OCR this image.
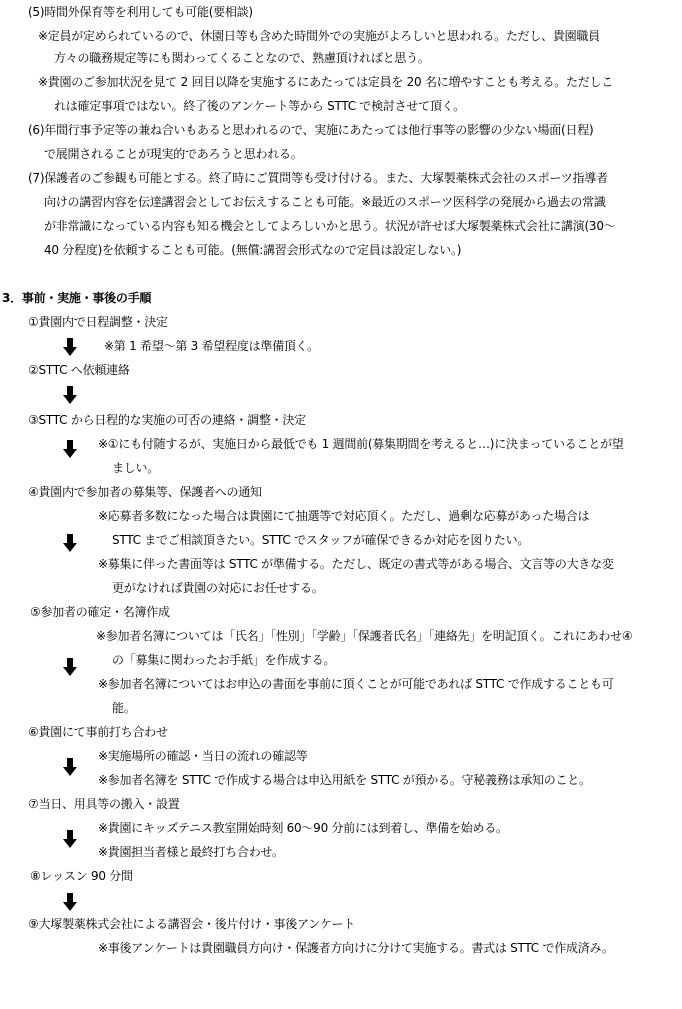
(5)時間外保育等を利用しても可能(要相談)
※定員が定められているので、休園日等も含めた時間外での実施がよろしいと思われる。ただし、貴園職員
方々の職務規定等にも関わってくることなので、熟慮頂ければと思う。
※貴園のご参加状況を見て 2 回目以降を実施するにあたっては定員を 20 名に増やすことも考える。ただしこ
れは確定事項ではない。終了後のアンケート等から STTC で検討させて頂く。
(6)年間行事予定等の兼ね合いもあると思われるので、実施にあたっては他行事等の影響の少ない場面(日程)
で展開されることが現実的であろうと思われる。
(7)保護者のご参観も可能とする。終了時にご質問等も受け付ける。また、大塚製薬株式会社のスポーツ指導者
向けの講習内容を伝達講習会としてお伝えすることも可能。※最近のスポーツ医科学の発展から過去の常識
が非常識になっている内容も知る機会としてよろしいかと思う。状況が許せば大塚製薬株式会社に講演(30～
40 分程度)を依頼することも可能。(無償:講習会形式なので定員は設定しない。)
3．事前・実施・事後の手順
①貴園内で日程調整・決定
※第 1 希望～第 3 希望程度は準備頂く。
②STTC へ依頼連絡
③STTC から日程的な実施の可否の連絡・調整・決定
※①にも付随するが、実施日から最低でも 1 週間前(募集期間を考えると…)に決まっていることが望
ましい。
④貴園内で参加者の募集等、保護者への通知
※応募者多数になった場合は貴園にて抽選等で対応頂く。ただし、過剰な応募があった場合は
STTC までご相談頂きたい。STTC でスタッフが確保できるか対応を図りたい。
※募集に伴った書面等は STTC が準備する。ただし、既定の書式等がある場合、文言等の大きな変
更がなければ貴園の対応にお任せする。
⑤参加者の確定・名簿作成
※参加者名簿については「氏名」「性別」「学齢」「保護者氏名」「連絡先」を明記頂く。これにあわせ④
の「募集に関わったお手紙」を作成する。
※参加者名簿についてはお申込の書面を事前に頂くことが可能であれば STTC で作成することも可
能。
⑥貴園にて事前打ち合わせ
※実施場所の確認・当日の流れの確認等
※参加者名簿を STTC で作成する場合は申込用紙を STTC が預かる。守秘義務は承知のこと。
⑦当日、用具等の搬入・設置
※貴園にキッズテニス教室開始時刻 60～90 分前には到着し、準備を始める。
※貴園担当者様と最終打ち合わせ。
⑧レッスン 90 分間
⑨大塚製薬株式会社による講習会・後片付け・事後アンケート
※事後アンケートは貴園職員方向け・保護者方向けに分けて実施する。書式は STTC で作成済み。
